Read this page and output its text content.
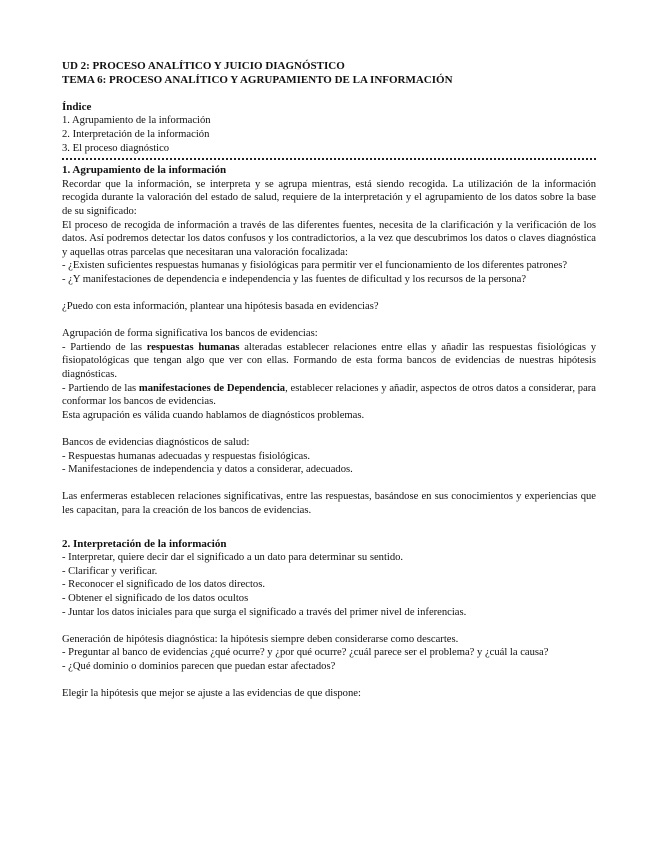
UD 2: PROCESO ANALÍTICO Y JUICIO DIAGNÓSTICO

TEMA 6: PROCESO ANALÍTICO Y AGRUPAMIENTO DE LA INFORMACIÓN

Índice

1. Agrupamiento de la información

2. Interpretación de la información

3. El proceso diagnóstico

1. Agrupamiento de la información

Recordar que la información, se interpreta y se agrupa mientras, está siendo recogida. La utilización de la información recogida durante la valoración del estado de salud, requiere de la interpretación y el agrupamiento de los datos sobre la base de su significado:

El proceso de recogida de información a través de las diferentes fuentes, necesita de la clarificación y la verificación de los datos. Así podremos detectar los datos confusos y los contradictorios, a la vez que descubrimos los datos o claves diagnóstica y aquellas otras parcelas que necesitaran una valoración focalizada:

- ¿Existen suficientes respuestas humanas y fisiológicas para permitir ver el funcionamiento de los diferentes patrones?

- ¿Y manifestaciones de dependencia e independencia y las fuentes de dificultad y los recursos de la persona?

¿Puedo con esta información, plantear una hipótesis basada en evidencias?

Agrupación de forma significativa los bancos de evidencias:

- Partiendo de las respuestas humanas alteradas establecer relaciones entre ellas y añadir las respuestas fisiológicas y fisiopatológicas que tengan algo que ver con ellas. Formando de esta forma bancos de evidencias de nuestras hipótesis diagnósticas.

- Partiendo de las manifestaciones de Dependencia, establecer relaciones y añadir, aspectos de otros datos a considerar, para conformar los bancos de evidencias.

Esta agrupación es válida cuando hablamos de diagnósticos problemas.

Bancos de evidencias diagnósticos de salud:

- Respuestas humanas adecuadas y respuestas fisiológicas.

- Manifestaciones de independencia y datos a considerar, adecuados.

Las enfermeras establecen relaciones significativas, entre las respuestas, basándose en sus conocimientos y experiencias que les capacitan, para la creación de los bancos de evidencias.

2. Interpretación de la información

- Interpretar, quiere decir dar el significado a un dato para determinar su sentido.

- Clarificar y verificar.

- Reconocer el significado de los datos directos.

- Obtener el significado de los datos ocultos

- Juntar los datos iniciales para que surga el significado a través del primer nivel de inferencias.

Generación de hipótesis diagnóstica: la hipótesis siempre deben considerarse como descartes.

- Preguntar al banco de evidencias ¿qué ocurre? y ¿por qué ocurre? ¿cuál parece ser el problema? y ¿cuál la causa?

- ¿Qué dominio o dominios parecen que puedan estar afectados?

Elegir la hipótesis que mejor se ajuste a las evidencias de que dispone:
